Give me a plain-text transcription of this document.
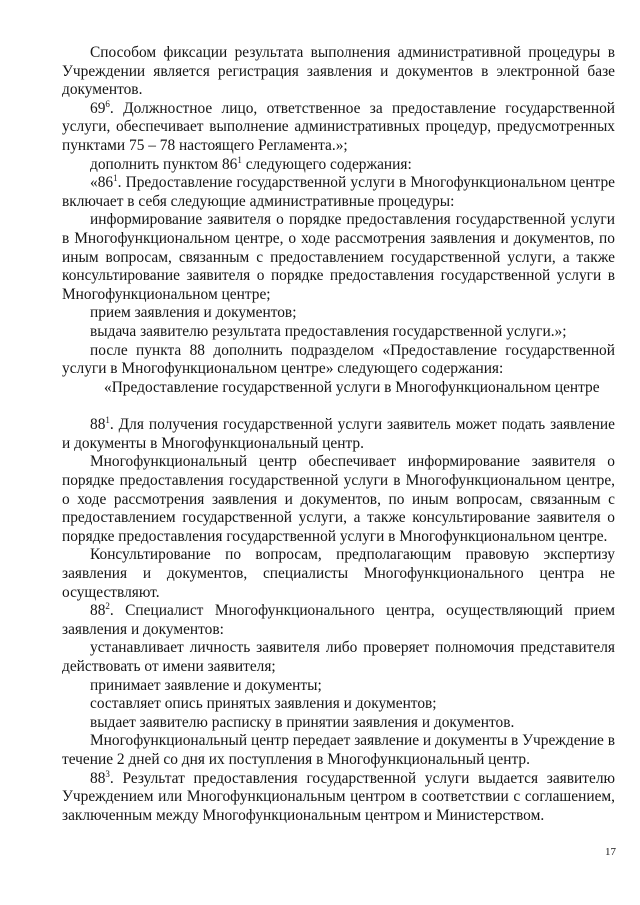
Способом фиксации результата выполнения административной процедуры в Учреждении является регистрация заявления и документов в электронной базе документов.

$69^6$. Должностное лицо, ответственное за предоставление государственной услуги, обеспечивает выполнение административных процедур, предусмотренных пунктами 75 – 78 настоящего Регламента.»;

дополнить пунктом $86^1$ следующего содержания:

«$86^1$. Предоставление государственной услуги в Многофункциональном центре включает в себя следующие административные процедуры:

информирование заявителя о порядке предоставления государственной услуги в Многофункциональном центре, о ходе рассмотрения заявления и документов, по иным вопросам, связанным с предоставлением государственной услуги, а также консультирование заявителя о порядке предоставления государственной услуги в Многофункциональном центре;

прием заявления и документов;

выдача заявителю результата предоставления государственной услуги.»;

после пункта 88 дополнить подразделом «Предоставление государственной услуги в Многофункциональном центре» следующего содержания:

«Предоставление государственной услуги в Многофункциональном центре

$88^1$. Для получения государственной услуги заявитель может подать заявление и документы в Многофункциональный центр.

Многофункциональный центр обеспечивает информирование заявителя о порядке предоставления государственной услуги в Многофункциональном центре, о ходе рассмотрения заявления и документов, по иным вопросам, связанным с предоставлением государственной услуги, а также консультирование заявителя о порядке предоставления государственной услуги в Многофункциональном центре.

Консультирование по вопросам, предполагающим правовую экспертизу заявления и документов, специалисты Многофункционального центра не осуществляют.

$88^2$. Специалист Многофункционального центра, осуществляющий прием заявления и документов:

устанавливает личность заявителя либо проверяет полномочия представителя действовать от имени заявителя;

принимает заявление и документы;

составляет опись принятых заявления и документов;

выдает заявителю расписку в принятии заявления и документов.

Многофункциональный центр передает заявление и документы в Учреждение в течение 2 дней со дня их поступления в Многофункциональный центр.

$88^3$. Результат предоставления государственной услуги выдается заявителю Учреждением или Многофункциональным центром в соответствии с соглашением, заключенным между Многофункциональным центром и Министерством.

17
